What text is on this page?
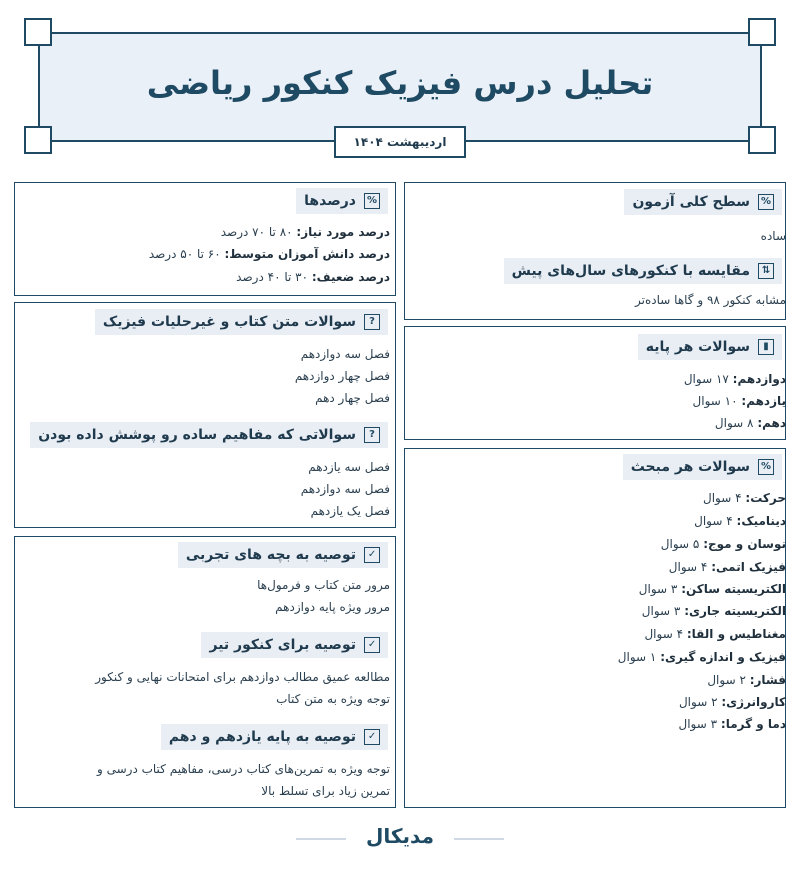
تحلیل درس فیزیک کنکور ریاضی
اردیبهشت ۱۴۰۴
%
سطح کلی آزمون
ساده
⇅
مقایسه با کنکورهای سال‌های پیش
مشابه کنکور ۹۸ و گاها ساده‌تر
▮
سوالات هر پایه
دوازدهم: ۱۷ سوال
یازدهم: ۱۰ سوال
دهم: ۸ سوال
%
سوالات هر مبحث
حرکت: ۴ سوال
دینامیک: ۴ سوال
نوسان و موج: ۵ سوال
فیزیک اتمی: ۴ سوال
الکتریسیته ساکن: ۳ سوال
الکتریسیته جاری: ۳ سوال
مغناطیس و القا: ۴ سوال
فیزیک و اندازه گیری: ۱ سوال
فشار: ۲ سوال
کاروانرژی: ۲ سوال
دما و گرما: ۳ سوال
%
درصدها
درصد مورد نیاز: ۸۰ تا ۷۰ درصد
درصد دانش آموزان متوسط: ۶۰ تا ۵۰ درصد
درصد ضعیف: ۳۰ تا ۴۰ درصد
?
سوالات متن کتاب و غیرحلیات فیزیک
فصل سه دوازدهم
فصل چهار دوازدهم
فصل چهار دهم
?
سوالاتی که مفاهیم ساده رو پوشش داده بودن
فصل سه یازدهم
فصل سه دوازدهم
فصل یک یازدهم
✓
توصیه به بچه های تجربی
مرور متن کتاب و فرمول‌ها
مرور ویژه پایه دوازدهم
✓
توصیه برای کنکور تیر
مطالعه عمیق مطالب دوازدهم برای امتحانات نهایی و کنکور
توجه ویژه به متن کتاب
✓
توصیه به پایه یازدهم و دهم
توجه ویژه به تمرین‌های کتاب درسی، مفاهیم کتاب درسی و
تمرین زیاد برای تسلط بالا
مدیکال
